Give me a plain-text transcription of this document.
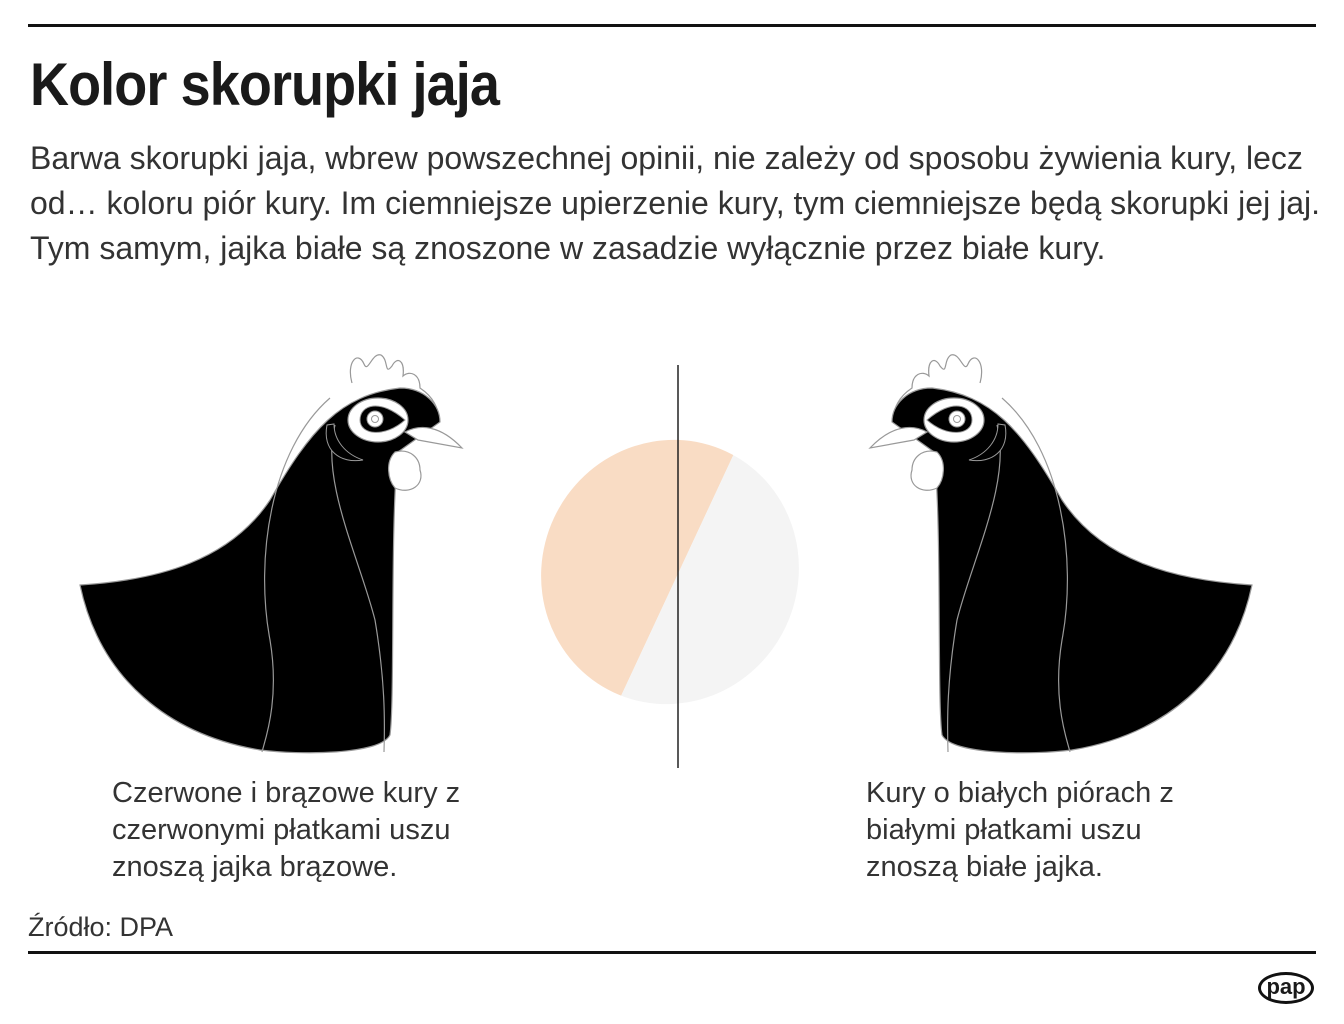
Kolor skorupki jaja
Barwa skorupki jaja, wbrew powszechnej opinii, nie zależy od sposobu żywienia kury, lecz od… koloru piór kury. Im ciemniejsze upierzenie kury, tym ciemniejsze będą skorupki jej jaj. Tym samym, jajka białe są znoszone w zasadzie wyłącznie przez białe kury.
Czerwone i brązowe kury z czerwonymi płatkami uszu znoszą jajka brązowe.
Kury o białych piórach z białymi płatkami uszu znoszą białe jajka.
Źródło: DPA
pap
